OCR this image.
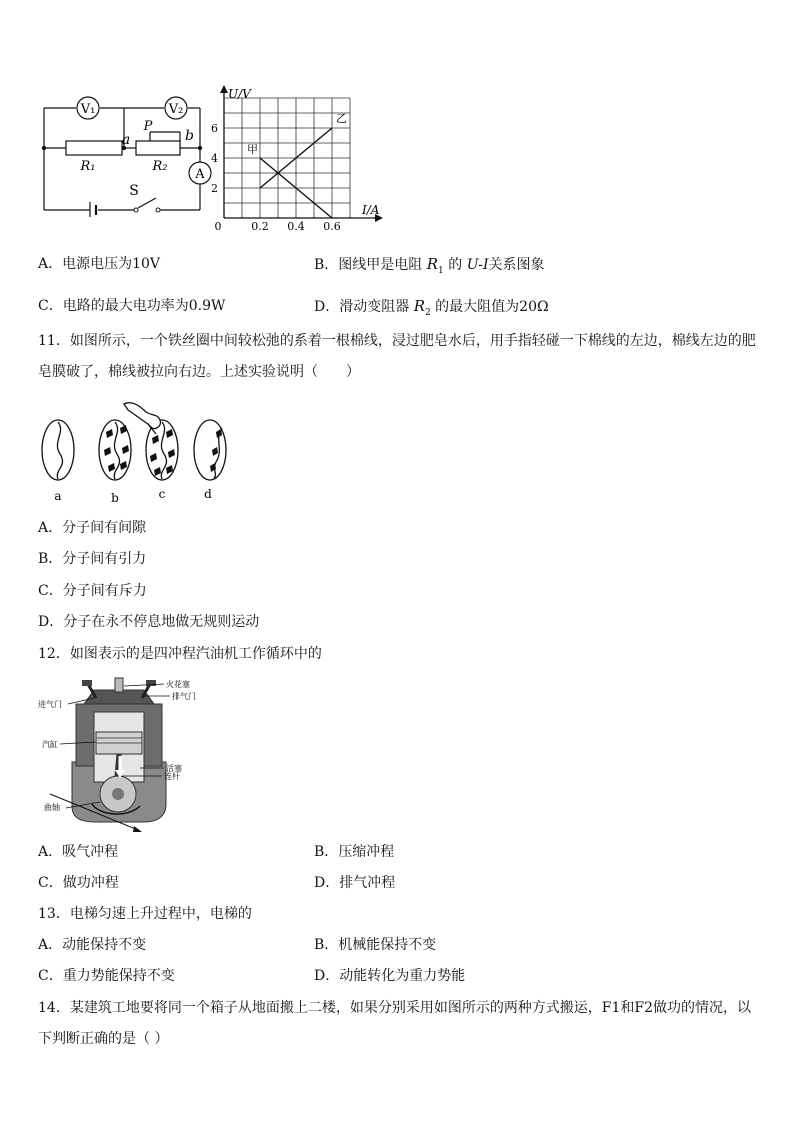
V₁	V₂
A
a	b
P
R₁	R₂
S
U/V
I/A
2
4
6
0.2 0.4 0.6
0
甲
乙
A．电源电压为10V	B．图线甲是电阻 $R_1$ 的 U-I关系图象
C．电路的最大电功率为0.9W	D．滑动变阻器 $R_2$ 的最大阻值为20Ω
11．如图所示，一个铁丝圈中间较松弛的系着一根棉线，浸过肥皂水后，用手指轻碰一下棉线的左边，棉线左边的肥
皂膜破了，棉线被拉向右边。上述实验说明（　　）
a	b	c	d
A．分子间有间隙
B．分子间有引力
C．分子间有斥力
D．分子在永不停息地做无规则运动
12．如图表示的是四冲程汽油机工作循环中的
进气门
火花塞
排气门
汽缸
活塞
连杆
曲轴
A．吸气冲程	B．压缩冲程
C．做功冲程	D．排气冲程
13．电梯匀速上升过程中，电梯的
A．动能保持不变	B．机械能保持不变
C．重力势能保持不变	D．动能转化为重力势能
14．某建筑工地要将同一个箱子从地面搬上二楼，如果分别采用如图所示的两种方式搬运，F1和F2做功的情况，以
下判断正确的是（ ）
